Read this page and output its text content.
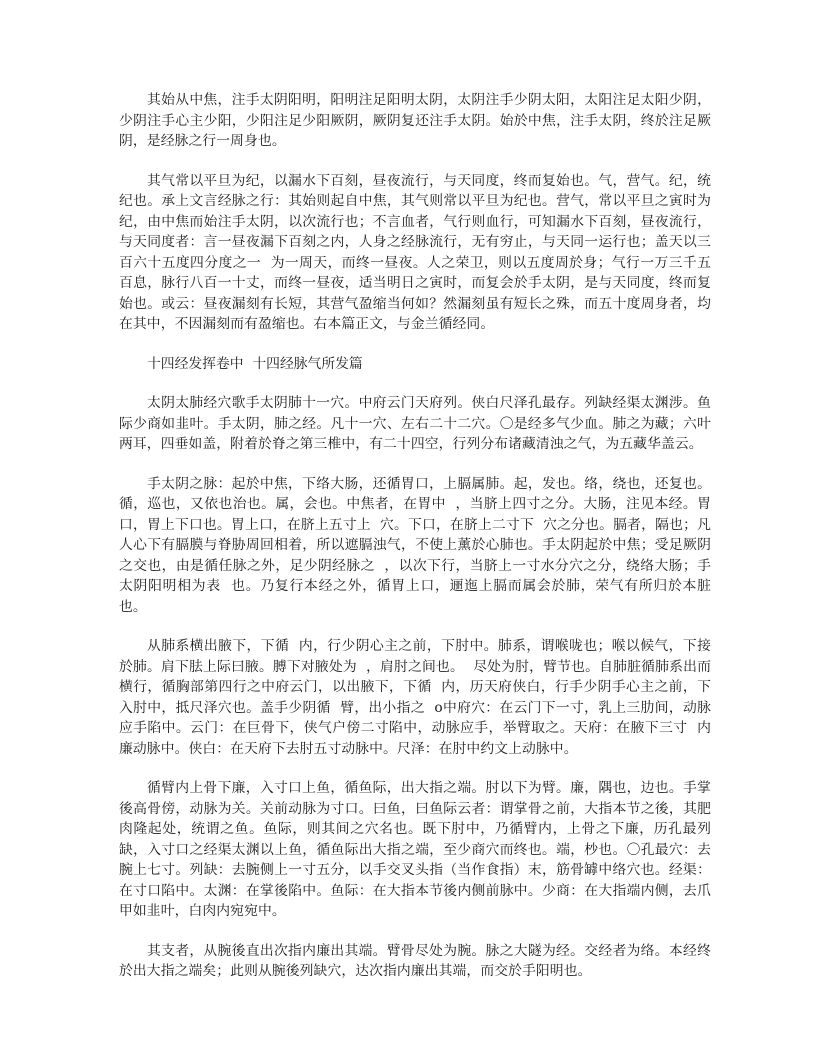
其始从中焦，注手太阴阳明，阳明注足阳明太阴，太阴注手少阴太阳，太阳注足太阳少阴，少阴注手心主少阳，少阳注足少阳厥阴，厥阴复还注手太阴。始於中焦，注手太阴，终於注足厥阴，是经脉之行一周身也。

其气常以平旦为纪，以漏水下百刻，昼夜流行，与天同度，终而复始也。气，营气。纪，统纪也。承上文言经脉之行：其始则起自中焦，其气则常以平旦为纪也。营气，常以平旦之寅时为纪，由中焦而始注手太阴，以次流行也；不言血者，气行则血行，可知漏水下百刻，昼夜流行，与天同度者：言一昼夜漏下百刻之内，人身之经脉流行，无有穷止，与天同一运行也；盖天以三百六十五度四分度之一  为一周天，而终一昼夜。人之荣卫，则以五度周於身；气行一万三千五百息，脉行八百一十丈，而终一昼夜，适当明日之寅时，而复会於手太阴，是与天同度，终而复始也。或云：昼夜漏刻有长短，其营气盈缩当何如？然漏刻虽有短长之殊，而五十度周身者，均在其中，不因漏刻而有盈缩也。右本篇正文，与金兰循经同。

十四经发挥卷中  十四经脉气所发篇

太阴太肺经穴歌手太阴肺十一穴。中府云门天府列。侠白尺泽孔最存。列缺经渠太渊涉。鱼际少商如韭叶。手太阴，肺之经。凡十一穴、左右二十二穴。〇是经多气少血。肺之为藏；六叶两耳，四垂如盖，附着於脊之第三椎中，有二十四空，行列分布诸藏清浊之气，为五藏华盖云。

手太阴之脉：起於中焦，下络大肠，还循胃口，上膈属肺。起，发也。络，绕也，还复也。循，巡也，又依也治也。属，会也。中焦者，在胃中  ，当脐上四寸之分。大肠，注见本经。胃口，胃上下口也。胃上口，在脐上五寸上  穴。下口，在脐上二寸下  穴之分也。膈者，隔也；凡人心下有膈膜与脊胁周回相着，所以遮膈浊气，不使上薰於心肺也。手太阴起於中焦；受足厥阴之交也，由是循任脉之外，足少阴经脉之  ，以次下行，当脐上一寸水分穴之分，绕络大肠；手太阴阳明相为表  也。乃复行本经之外，循胃上口，逦迤上膈而属会於肺，荣气有所归於本脏也。

从肺系横出腋下，下循  内，行少阴心主之前，下肘中。肺系，谓喉咙也；喉以候气，下接於肺。肩下胠上际曰腋。膊下对腋处为  ，肩肘之间也。  尽处为肘，臂节也。自肺脏循肺系出而横行，循胸部第四行之中府云门，以出腋下，下循  内，历天府侠白，行手少阴手心主之前，下入肘中，抵尺泽穴也。盖手少阴循  臂，出小指之  o中府穴：在云门下一寸，乳上三肋间，动脉应手陷中。云门：在巨骨下，侠气户傍二寸陷中，动脉应手，举臂取之。天府：在腋下三寸  内廉动脉中。侠白：在天府下去肘五寸动脉中。尺泽：在肘中约文上动脉中。

循臂内上骨下廉，入寸口上鱼，循鱼际，出大指之端。肘以下为臂。廉，隅也，边也。手掌後高骨傍，动脉为关。关前动脉为寸口。曰鱼，曰鱼际云者：谓掌骨之前，大指本节之後，其肥肉隆起处，统谓之鱼。鱼际，则其间之穴名也。既下肘中，乃循臂内，上骨之下廉，历孔最列缺，入寸口之经渠太渊以上鱼，循鱼际出大指之端，至少商穴而终也。端，杪也。〇孔最穴：去腕上七寸。列缺：去腕侧上一寸五分，以手交叉头指（当作食指）末，筋骨罅中络穴也。经渠：在寸口陷中。太渊：在掌後陷中。鱼际：在大指本节後内侧前脉中。少商：在大指端内侧，去爪甲如韭叶，白肉内宛宛中。

其支者，从腕後直出次指内廉出其端。臂骨尽处为腕。脉之大隧为经。交经者为络。本经终於出大指之端矣；此则从腕後列缺穴，达次指内廉出其端，而交於手阳明也。
